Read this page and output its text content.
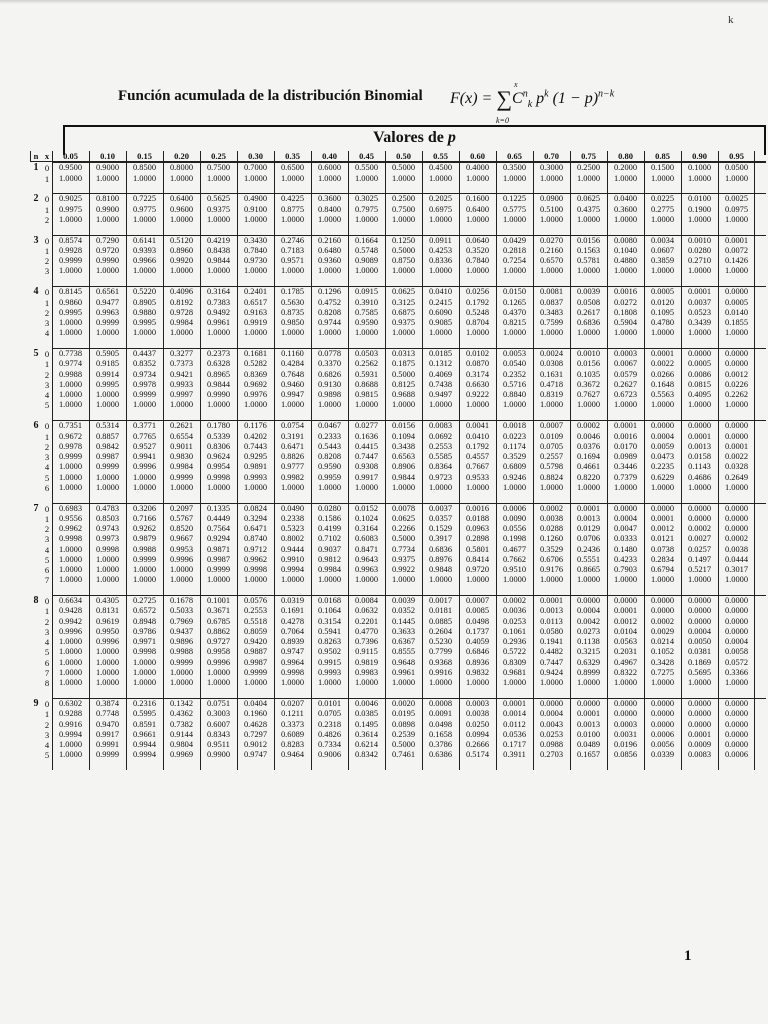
k
Función acumulada de la distribución Binomial $F(x) = \sum C^n_k$ $p^k$ $(1 - p)^{n-k}$
x
k=0
Valores de p
n x	0.05	0.10	0.15	0.20	0.25	0.30	0.35	0.40	0.45	0.50	0.55	0.60	0.65	0.70	0.75	0.80	0.85	0.90	0.95
1 0	0.9500	0.9000	0.8500	0.8000	0.7500	0.7000	0.6500	0.6000	0.5500	0.5000	0.4500	0.4000	0.3500	0.3000	0.2500	0.2000	0.1500	0.1000	0.0500
1	1.0000	1.0000	1.0000	1.0000	1.0000	1.0000	1.0000	1.0000	1.0000	1.0000	1.0000	1.0000	1.0000	1.0000	1.0000	1.0000	1.0000	1.0000	1.0000
2 0	0.9025	0.8100	0.7225	0.6400	0.5625	0.4900	0.4225	0.3600	0.3025	0.2500	0.2025	0.1600	0.1225	0.0900	0.0625	0.0400	0.0225	0.0100	0.0025
1	0.9975	0.9900	0.9775	0.9600	0.9375	0.9100	0.8775	0.8400	0.7975	0.7500	0.6975	0.6400	0.5775	0.5100	0.4375	0.3600	0.2775	0.1900	0.0975
2	1.0000	1.0000	1.0000	1.0000	1.0000	1.0000	1.0000	1.0000	1.0000	1.0000	1.0000	1.0000	1.0000	1.0000	1.0000	1.0000	1.0000	1.0000	1.0000
3 0	0.8574	0.7290	0.6141	0.5120	0.4219	0.3430	0.2746	0.2160	0.1664	0.1250	0.0911	0.0640	0.0429	0.0270	0.0156	0.0080	0.0034	0.0010	0.0001
1	0.9928	0.9720	0.9393	0.8960	0.8438	0.7840	0.7183	0.6480	0.5748	0.5000	0.4253	0.3520	0.2818	0.2160	0.1563	0.1040	0.0607	0.0280	0.0072
2	0.9999	0.9990	0.9966	0.9920	0.9844	0.9730	0.9571	0.9360	0.9089	0.8750	0.8336	0.7840	0.7254	0.6570	0.5781	0.4880	0.3859	0.2710	0.1426
3	1.0000	1.0000	1.0000	1.0000	1.0000	1.0000	1.0000	1.0000	1.0000	1.0000	1.0000	1.0000	1.0000	1.0000	1.0000	1.0000	1.0000	1.0000	1.0000
4 0	0.8145	0.6561	0.5220	0.4096	0.3164	0.2401	0.1785	0.1296	0.0915	0.0625	0.0410	0.0256	0.0150	0.0081	0.0039	0.0016	0.0005	0.0001	0.0000
1	0.9860	0.9477	0.8905	0.8192	0.7383	0.6517	0.5630	0.4752	0.3910	0.3125	0.2415	0.1792	0.1265	0.0837	0.0508	0.0272	0.0120	0.0037	0.0005
2	0.9995	0.9963	0.9880	0.9728	0.9492	0.9163	0.8735	0.8208	0.7585	0.6875	0.6090	0.5248	0.4370	0.3483	0.2617	0.1808	0.1095	0.0523	0.0140
3	1.0000	0.9999	0.9995	0.9984	0.9961	0.9919	0.9850	0.9744	0.9590	0.9375	0.9085	0.8704	0.8215	0.7599	0.6836	0.5904	0.4780	0.3439	0.1855
4	1.0000	1.0000	1.0000	1.0000	1.0000	1.0000	1.0000	1.0000	1.0000	1.0000	1.0000	1.0000	1.0000	1.0000	1.0000	1.0000	1.0000	1.0000	1.0000
5 0	0.7738	0.5905	0.4437	0.3277	0.2373	0.1681	0.1160	0.0778	0.0503	0.0313	0.0185	0.0102	0.0053	0.0024	0.0010	0.0003	0.0001	0.0000	0.0000
1	0.9774	0.9185	0.8352	0.7373	0.6328	0.5282	0.4284	0.3370	0.2562	0.1875	0.1312	0.0870	0.0540	0.0308	0.0156	0.0067	0.0022	0.0005	0.0000
2	0.9988	0.9914	0.9734	0.9421	0.8965	0.8369	0.7648	0.6826	0.5931	0.5000	0.4069	0.3174	0.2352	0.1631	0.1035	0.0579	0.0266	0.0086	0.0012
3	1.0000	0.9995	0.9978	0.9933	0.9844	0.9692	0.9460	0.9130	0.8688	0.8125	0.7438	0.6630	0.5716	0.4718	0.3672	0.2627	0.1648	0.0815	0.0226
4	1.0000	1.0000	0.9999	0.9997	0.9990	0.9976	0.9947	0.9898	0.9815	0.9688	0.9497	0.9222	0.8840	0.8319	0.7627	0.6723	0.5563	0.4095	0.2262
5	1.0000	1.0000	1.0000	1.0000	1.0000	1.0000	1.0000	1.0000	1.0000	1.0000	1.0000	1.0000	1.0000	1.0000	1.0000	1.0000	1.0000	1.0000	1.0000
6 0	0.7351	0.5314	0.3771	0.2621	0.1780	0.1176	0.0754	0.0467	0.0277	0.0156	0.0083	0.0041	0.0018	0.0007	0.0002	0.0001	0.0000	0.0000	0.0000
1	0.9672	0.8857	0.7765	0.6554	0.5339	0.4202	0.3191	0.2333	0.1636	0.1094	0.0692	0.0410	0.0223	0.0109	0.0046	0.0016	0.0004	0.0001	0.0000
2	0.9978	0.9842	0.9527	0.9011	0.8306	0.7443	0.6471	0.5443	0.4415	0.3438	0.2553	0.1792	0.1174	0.0705	0.0376	0.0170	0.0059	0.0013	0.0001
3	0.9999	0.9987	0.9941	0.9830	0.9624	0.9295	0.8826	0.8208	0.7447	0.6563	0.5585	0.4557	0.3529	0.2557	0.1694	0.0989	0.0473	0.0158	0.0022
4	1.0000	0.9999	0.9996	0.9984	0.9954	0.9891	0.9777	0.9590	0.9308	0.8906	0.8364	0.7667	0.6809	0.5798	0.4661	0.3446	0.2235	0.1143	0.0328
5	1.0000	1.0000	1.0000	0.9999	0.9998	0.9993	0.9982	0.9959	0.9917	0.9844	0.9723	0.9533	0.9246	0.8824	0.8220	0.7379	0.6229	0.4686	0.2649
6	1.0000	1.0000	1.0000	1.0000	1.0000	1.0000	1.0000	1.0000	1.0000	1.0000	1.0000	1.0000	1.0000	1.0000	1.0000	1.0000	1.0000	1.0000	1.0000
7 0	0.6983	0.4783	0.3206	0.2097	0.1335	0.0824	0.0490	0.0280	0.0152	0.0078	0.0037	0.0016	0.0006	0.0002	0.0001	0.0000	0.0000	0.0000	0.0000
1	0.9556	0.8503	0.7166	0.5767	0.4449	0.3294	0.2338	0.1586	0.1024	0.0625	0.0357	0.0188	0.0090	0.0038	0.0013	0.0004	0.0001	0.0000	0.0000
2	0.9962	0.9743	0.9262	0.8520	0.7564	0.6471	0.5323	0.4199	0.3164	0.2266	0.1529	0.0963	0.0556	0.0288	0.0129	0.0047	0.0012	0.0002	0.0000
3	0.9998	0.9973	0.9879	0.9667	0.9294	0.8740	0.8002	0.7102	0.6083	0.5000	0.3917	0.2898	0.1998	0.1260	0.0706	0.0333	0.0121	0.0027	0.0002
4	1.0000	0.9998	0.9988	0.9953	0.9871	0.9712	0.9444	0.9037	0.8471	0.7734	0.6836	0.5801	0.4677	0.3529	0.2436	0.1480	0.0738	0.0257	0.0038
5	1.0000	1.0000	0.9999	0.9996	0.9987	0.9962	0.9910	0.9812	0.9643	0.9375	0.8976	0.8414	0.7662	0.6706	0.5551	0.4233	0.2834	0.1497	0.0444
6	1.0000	1.0000	1.0000	1.0000	0.9999	0.9998	0.9994	0.9984	0.9963	0.9922	0.9848	0.9720	0.9510	0.9176	0.8665	0.7903	0.6794	0.5217	0.3017
7	1.0000	1.0000	1.0000	1.0000	1.0000	1.0000	1.0000	1.0000	1.0000	1.0000	1.0000	1.0000	1.0000	1.0000	1.0000	1.0000	1.0000	1.0000	1.0000
8 0	0.6634	0.4305	0.2725	0.1678	0.1001	0.0576	0.0319	0.0168	0.0084	0.0039	0.0017	0.0007	0.0002	0.0001	0.0000	0.0000	0.0000	0.0000	0.0000
1	0.9428	0.8131	0.6572	0.5033	0.3671	0.2553	0.1691	0.1064	0.0632	0.0352	0.0181	0.0085	0.0036	0.0013	0.0004	0.0001	0.0000	0.0000	0.0000
2	0.9942	0.9619	0.8948	0.7969	0.6785	0.5518	0.4278	0.3154	0.2201	0.1445	0.0885	0.0498	0.0253	0.0113	0.0042	0.0012	0.0002	0.0000	0.0000
3	0.9996	0.9950	0.9786	0.9437	0.8862	0.8059	0.7064	0.5941	0.4770	0.3633	0.2604	0.1737	0.1061	0.0580	0.0273	0.0104	0.0029	0.0004	0.0000
4	1.0000	0.9996	0.9971	0.9896	0.9727	0.9420	0.8939	0.8263	0.7396	0.6367	0.5230	0.4059	0.2936	0.1941	0.1138	0.0563	0.0214	0.0050	0.0004
5	1.0000	1.0000	0.9998	0.9988	0.9958	0.9887	0.9747	0.9502	0.9115	0.8555	0.7799	0.6846	0.5722	0.4482	0.3215	0.2031	0.1052	0.0381	0.0058
6	1.0000	1.0000	1.0000	0.9999	0.9996	0.9987	0.9964	0.9915	0.9819	0.9648	0.9368	0.8936	0.8309	0.7447	0.6329	0.4967	0.3428	0.1869	0.0572
7	1.0000	1.0000	1.0000	1.0000	1.0000	0.9999	0.9998	0.9993	0.9983	0.9961	0.9916	0.9832	0.9681	0.9424	0.8999	0.8322	0.7275	0.5695	0.3366
8	1.0000	1.0000	1.0000	1.0000	1.0000	1.0000	1.0000	1.0000	1.0000	1.0000	1.0000	1.0000	1.0000	1.0000	1.0000	1.0000	1.0000	1.0000	1.0000
9 0	0.6302	0.3874	0.2316	0.1342	0.0751	0.0404	0.0207	0.0101	0.0046	0.0020	0.0008	0.0003	0.0001	0.0000	0.0000	0.0000	0.0000	0.0000	0.0000
1	0.9288	0.7748	0.5995	0.4362	0.3003	0.1960	0.1211	0.0705	0.0385	0.0195	0.0091	0.0038	0.0014	0.0004	0.0001	0.0000	0.0000	0.0000	0.0000
2	0.9916	0.9470	0.8591	0.7382	0.6007	0.4628	0.3373	0.2318	0.1495	0.0898	0.0498	0.0250	0.0112	0.0043	0.0013	0.0003	0.0000	0.0000	0.0000
3	0.9994	0.9917	0.9661	0.9144	0.8343	0.7297	0.6089	0.4826	0.3614	0.2539	0.1658	0.0994	0.0536	0.0253	0.0100	0.0031	0.0006	0.0001	0.0000
4	1.0000	0.9991	0.9944	0.9804	0.9511	0.9012	0.8283	0.7334	0.6214	0.5000	0.3786	0.2666	0.1717	0.0988	0.0489	0.0196	0.0056	0.0009	0.0000
5	1.0000	0.9999	0.9994	0.9969	0.9900	0.9747	0.9464	0.9006	0.8342	0.7461	0.6386	0.5174	0.3911	0.2703	0.1657	0.0856	0.0339	0.0083	0.0006
1
